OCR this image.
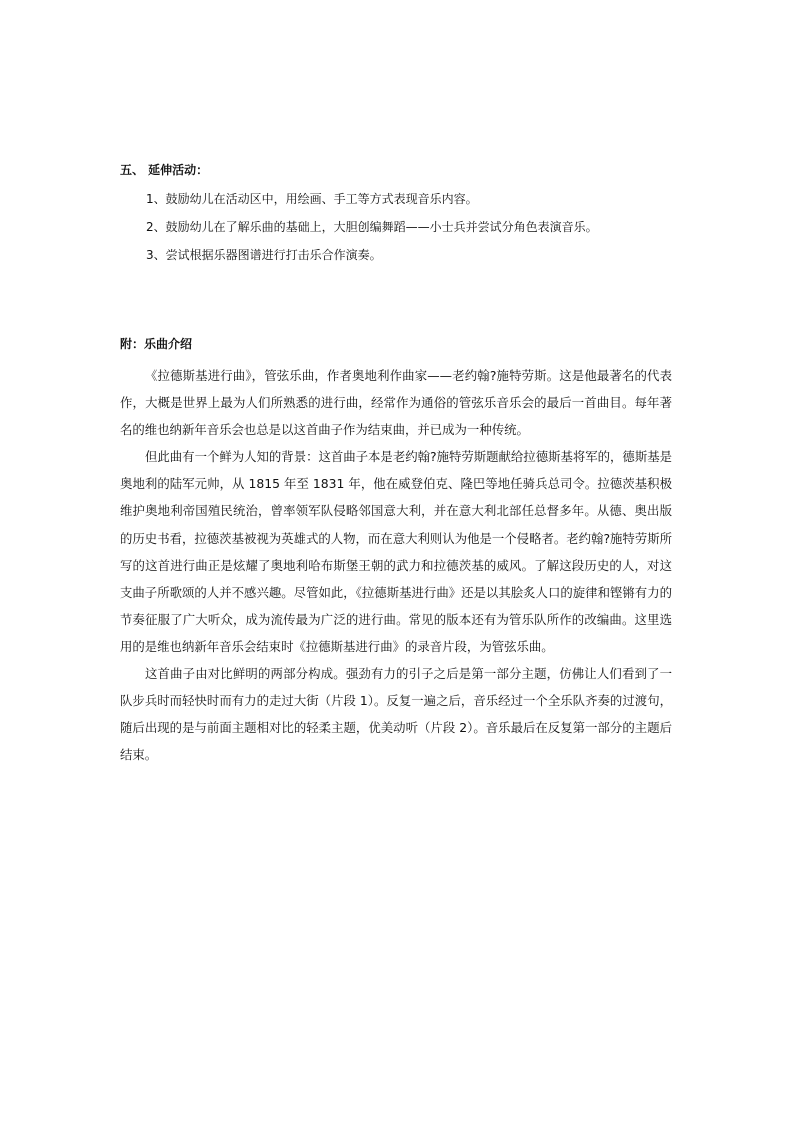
五、 延伸活动：
1、鼓励幼儿在活动区中，用绘画、手工等方式表现音乐内容。
2、鼓励幼儿在了解乐曲的基础上，大胆创编舞蹈——小士兵并尝试分角色表演音乐。
3、尝试根据乐器图谱进行打击乐合作演奏。
附：乐曲介绍

《拉德斯基进行曲》，管弦乐曲，作者奥地利作曲家——老约翰?施特劳斯。这是他最著名的代表作，大概是世界上最为人们所熟悉的进行曲，经常作为通俗的管弦乐音乐会的最后一首曲目。每年著名的维也纳新年音乐会也总是以这首曲子作为结束曲，并已成为一种传统。

但此曲有一个鲜为人知的背景：这首曲子本是老约翰?施特劳斯题献给拉德斯基将军的，德斯基是奥地利的陆军元帅，从 1815 年至 1831 年，他在威登伯克、隆巴等地任骑兵总司令。拉德茨基积极维护奥地利帝国殖民统治，曾率领军队侵略邻国意大利，并在意大利北部任总督多年。从德、奥出版的历史书看，拉德茨基被视为英雄式的人物，而在意大利则认为他是一个侵略者。老约翰?施特劳斯所写的这首进行曲正是炫耀了奥地利哈布斯堡王朝的武力和拉德茨基的威风。了解这段历史的人，对这支曲子所歌颂的人并不感兴趣。尽管如此，《拉德斯基进行曲》还是以其脍炙人口的旋律和铿锵有力的节奏征服了广大听众，成为流传最为广泛的进行曲。常见的版本还有为管乐队所作的改编曲。这里选用的是维也纳新年音乐会结束时《拉德斯基进行曲》的录音片段，为管弦乐曲。

这首曲子由对比鲜明的两部分构成。强劲有力的引子之后是第一部分主题，仿佛让人们看到了一队步兵时而轻快时而有力的走过大街（片段 1）。反复一遍之后，音乐经过一个全乐队齐奏的过渡句，随后出现的是与前面主题相对比的轻柔主题，优美动听（片段 2）。音乐最后在反复第一部分的主题后结束。
